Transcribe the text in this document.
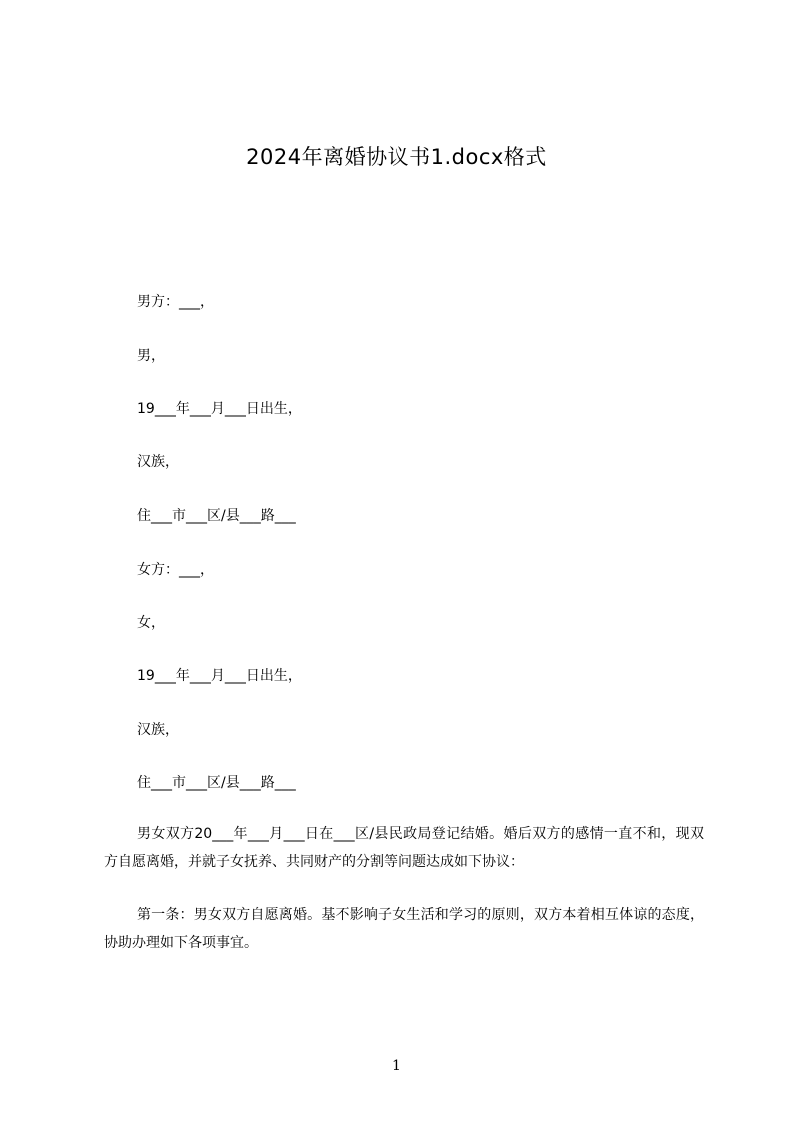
2024年离婚协议书1.docx格式
男方：___，
男，
19___年___月___日出生，
汉族，
住___市___区/县___路___
女方：___，
女，
19___年___月___日出生，
汉族，
住___市___区/县___路___
男女双方20___年___月___日在___区/县民政局登记结婚。婚后双方的感情一直不和，现双方自愿离婚，并就子女抚养、共同财产的分割等问题达成如下协议：
第一条：男女双方自愿离婚。基不影响子女生活和学习的原则，双方本着相互体谅的态度，协助办理如下各项事宜。
1
